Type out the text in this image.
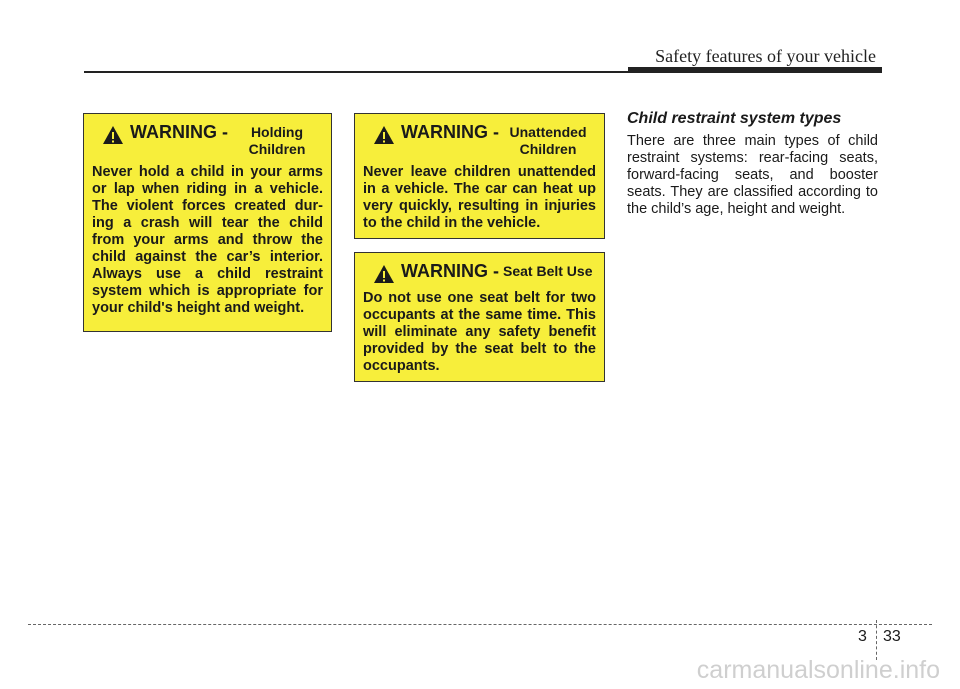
Safety features of your vehicle
WARNING -	Holding Children
Never hold a child in your arms or lap when riding in a vehicle. The violent forces created dur-ing a crash will tear the child from your arms and throw the child against the car’s interior. Always use a child restraint system which is appropriate for your child's height and weight.
WARNING - Unattended Children
Never leave children unattended in a vehicle. The car can heat up very quickly, resulting in injuries to the child in the vehicle.
WARNING - Seat Belt Use
Do not use one seat belt for two occupants at the same time. This will eliminate any safety benefit provided by the seat belt to the occupants.
Child restraint system types
There are three main types of child restraint systems: rear-facing seats, forward-facing seats, and booster seats. They are classified according to the child’s age, height and weight.
3 33
carmanualsonline.info
